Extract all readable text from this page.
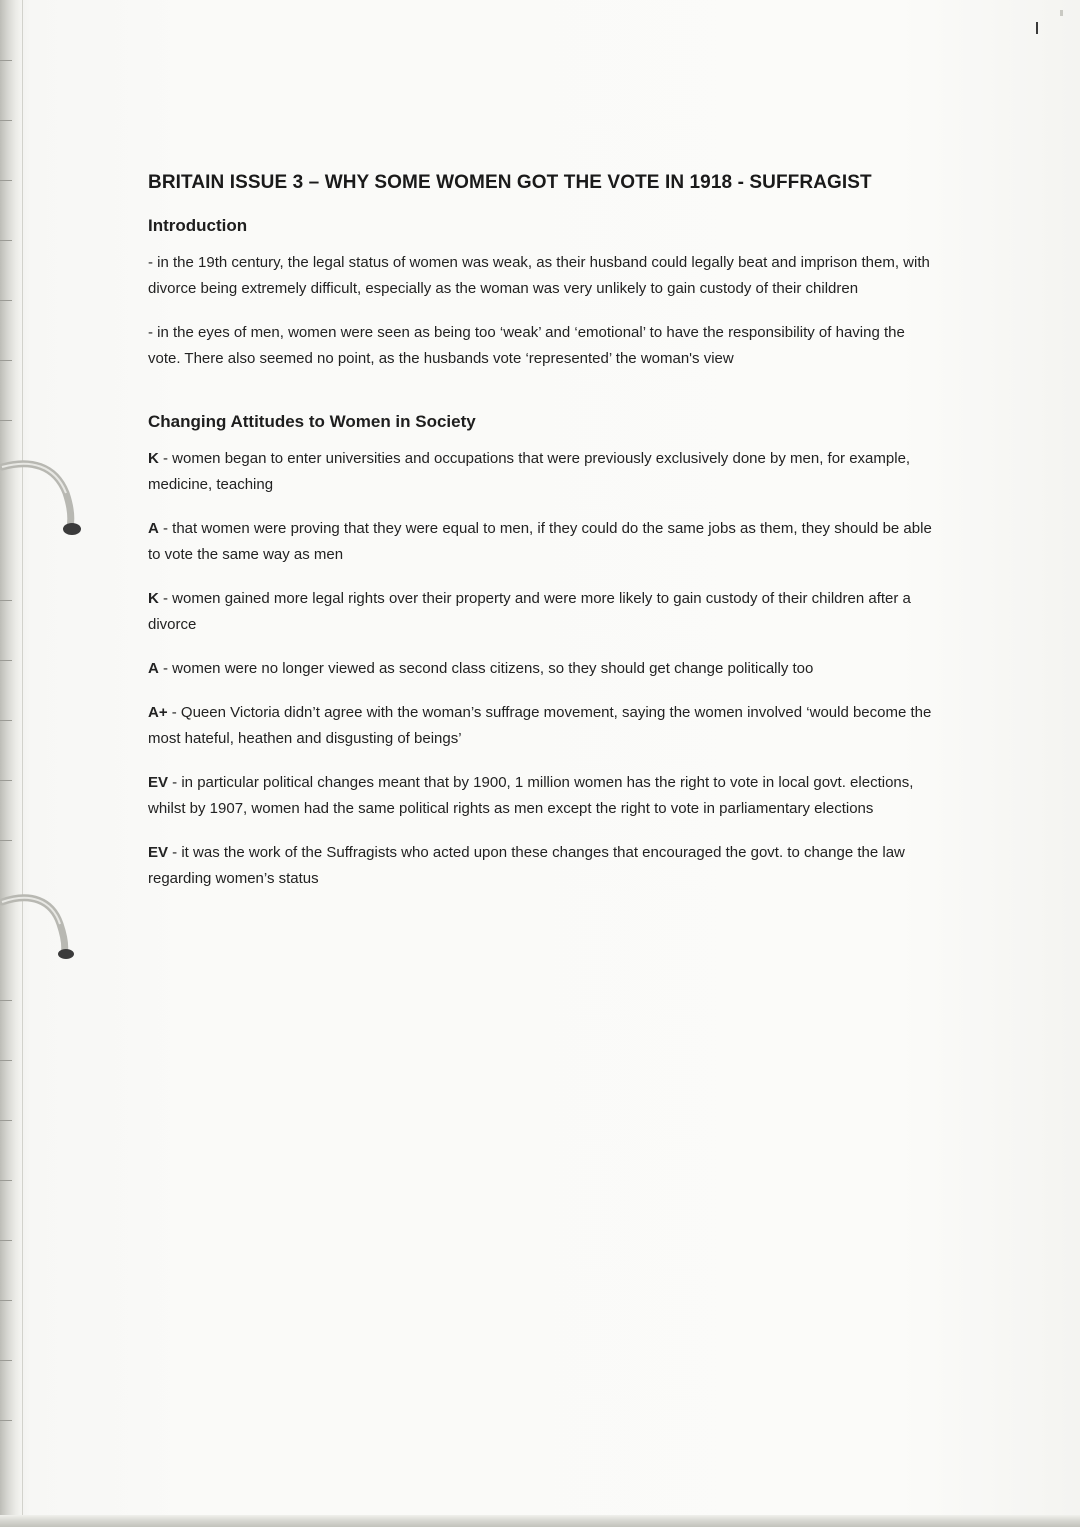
BRITAIN ISSUE 3 – WHY SOME WOMEN GOT THE VOTE IN 1918 - SUFFRAGIST
Introduction

- in the 19th century, the legal status of women was weak, as their husband could legally beat and imprison them, with divorce being extremely difficult, especially as the woman was very unlikely to gain custody of their children

- in the eyes of men, women were seen as being too ‘weak’ and ‘emotional’ to have the responsibility of having the vote. There also seemed no point, as the husbands vote ‘represented’ the woman's view

Changing Attitudes to Women in Society

K - women began to enter universities and occupations that were previously exclusively done by men, for example, medicine, teaching

A - that women were proving that they were equal to men, if they could do the same jobs as them, they should be able to vote the same way as men

K - women gained more legal rights over their property and were more likely to gain custody of their children after a divorce

A - women were no longer viewed as second class citizens, so they should get change politically too

A+ - Queen Victoria didn’t agree with the woman’s suffrage movement, saying the women involved ‘would become the most hateful, heathen and disgusting of beings’

EV - in particular political changes meant that by 1900, 1 million women has the right to vote in local govt. elections, whilst by 1907, women had the same political rights as men except the right to vote in parliamentary elections

EV - it was the work of the Suffragists who acted upon these changes that encouraged the govt. to change the law regarding women’s status
